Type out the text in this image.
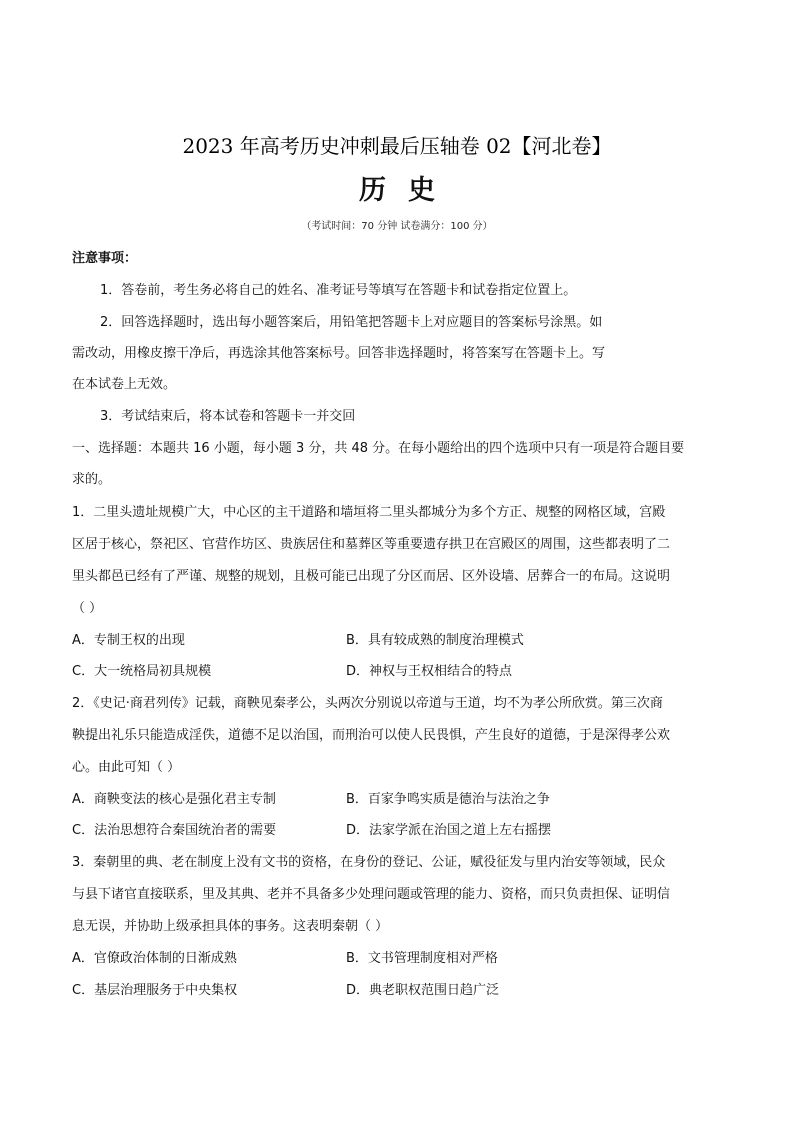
2023 年高考历史冲刺最后压轴卷 02【河北卷】
历史
（考试时间：70 分钟 试卷满分：100 分）
注意事项：
1．答卷前，考生务必将自己的姓名、准考证号等填写在答题卡和试卷指定位置上。
2．回答选择题时，选出每小题答案后，用铅笔把答题卡上对应题目的答案标号涂黑。如
需改动，用橡皮擦干净后，再选涂其他答案标号。回答非选择题时，将答案写在答题卡上。写
在本试卷上无效。
3．考试结束后，将本试卷和答题卡一并交回
一、选择题：本题共 16 小题，每小题 3 分，共 48 分。在每小题给出的四个选项中只有一项是符合题目要
求的。
1．二里头遗址规模广大，中心区的主干道路和墙垣将二里头都城分为多个方正、规整的网格区域，宫殿
区居于核心，祭祀区、官营作坊区、贵族居住和墓葬区等重要遗存拱卫在宫殿区的周围，这些都表明了二
里头都邑已经有了严谨、规整的规划，且极可能已出现了分区而居、区外设墙、居葬合一的布局。这说明
（ ）
A．专制王权的出现	B．具有较成熟的制度治理模式
C．大一统格局初具规模	D．神权与王权相结合的特点
2．《史记·商君列传》记载，商鞅见秦孝公，头两次分别说以帝道与王道，均不为孝公所欣赏。第三次商
鞅提出礼乐只能造成淫佚，道德不足以治国，而刑治可以使人民畏惧，产生良好的道德，于是深得孝公欢
心。由此可知（ ）
A．商鞅变法的核心是强化君主专制	B．百家争鸣实质是德治与法治之争
C．法治思想符合秦国统治者的需要	D．法家学派在治国之道上左右摇摆
3．秦朝里的典、老在制度上没有文书的资格，在身份的登记、公证，赋役征发与里内治安等领域，民众
与县下诸官直接联系，里及其典、老并不具备多少处理问题或管理的能力、资格，而只负责担保、证明信
息无误，并协助上级承担具体的事务。这表明秦朝（ ）
A．官僚政治体制的日渐成熟	B．文书管理制度相对严格
C．基层治理服务于中央集权	D．典老职权范围日趋广泛
